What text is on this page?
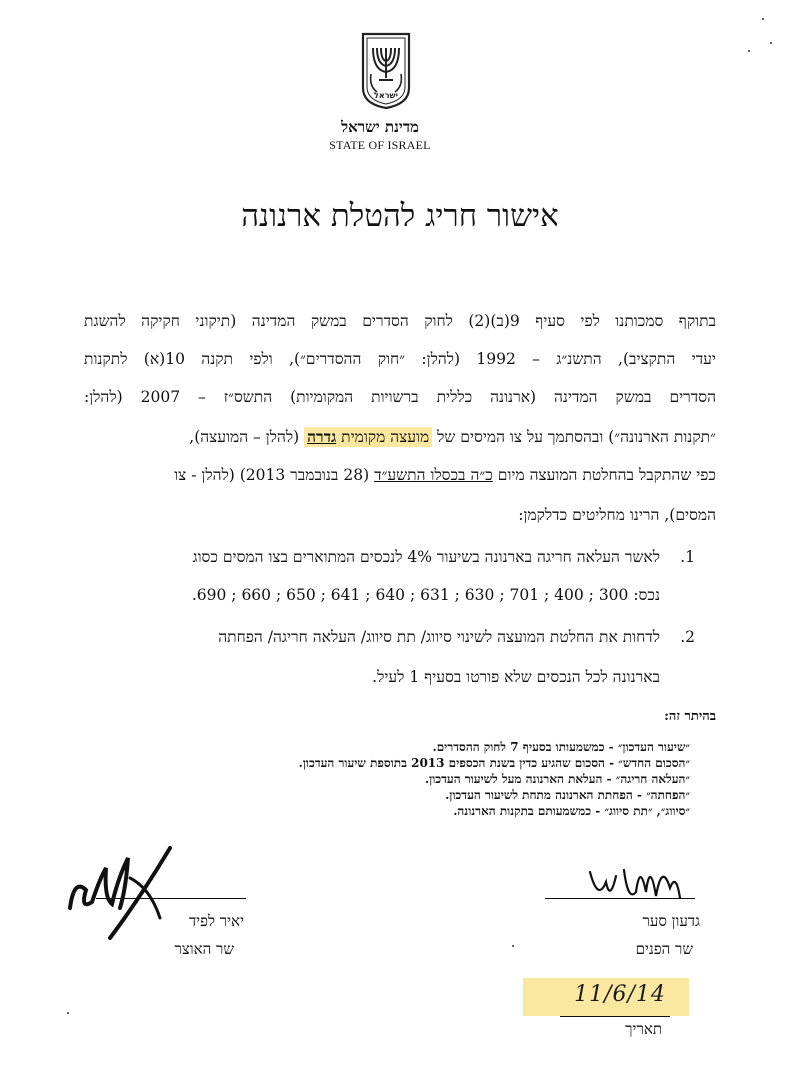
ישראל
מדינת ישראל
STATE OF ISRAEL
אישור חריג להטלת ארנונה
בתוקף סמכותנו לפי סעיף 9(ב)(2) לחוק הסדרים במשק המדינה (תיקוני חקיקה להשגת
יעדי התקציב), התשנ״ג – 1992 (להלן: ״חוק ההסדרים״), ולפי תקנה 10(א) לתקנות
הסדרים במשק המדינה (ארנונה כללית ברשויות המקומיות) התשס״ז – 2007 (להלן:
״תקנות הארנונה״) ובהסתמך על צו המיסים של מועצה מקומית גדרה (להלן – המועצה),
כפי שהתקבל בהחלטת המועצה מיום כ״ה בכסלו התשע״ד (28 בנובמבר 2013) (להלן - צו
המסים), הרינו מחליטים כדלקמן:
1.
לאשר העלאה חריגה בארנונה בשיעור 4% לנכסים המתוארים בצו המסים כסוג
נכס: 300 ; 400 ; 701 ; 630 ; 631 ; 640 ; 641 ; 650 ; 660 ; 690.
2.
לדחות את החלטת המועצה לשינוי סיווג/ תת סיווג/ העלאה חריגה/ הפחתה
בארנונה לכל הנכסים שלא פורטו בסעיף 1 לעיל.
בהיתר זה:
״שיעור העדכון״ - כמשמעותו בסעיף 7 לחוק ההסדרים.
״הסכום החדש״ - הסכום שהגיע כדין בשנת הכספים 2013 בתוספת שיעור העדכון.
״העלאה חריגה״ - העלאת הארנונה מעל לשיעור העדכון.
״הפחתה״ - הפחתת הארנונה מתחת לשיעור העדכון.
״סיווג״, ״תת סיווג״ - כמשמעותם בתקנות הארנונה.
יאיר לפיד
שר האוצר
גדעון סער
שר הפנים
11/6/14
תאריך
